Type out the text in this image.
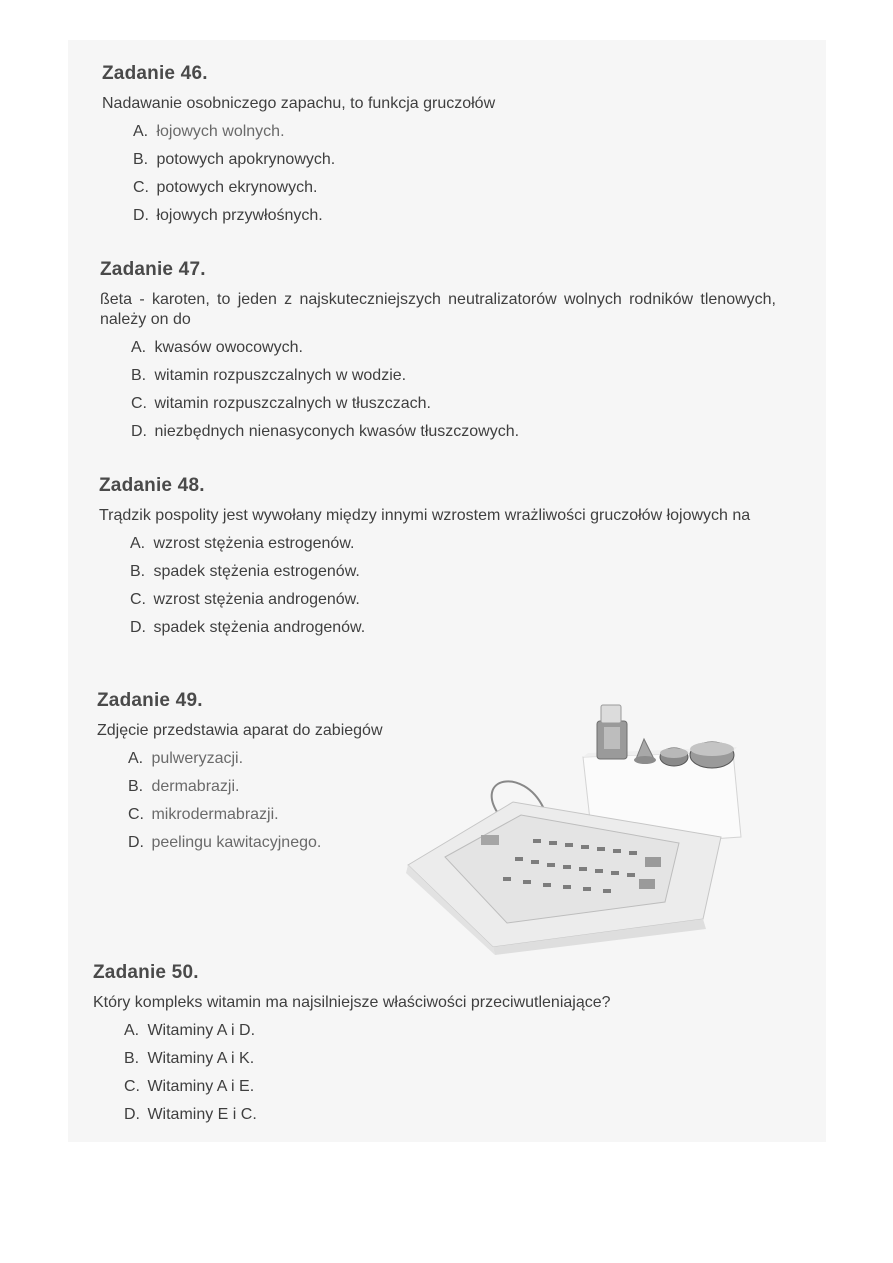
Zadanie 46.

Nadawanie osobniczego zapachu, to funkcja gruczołów

A. łojowych wolnych.
B. potowych apokrynowych.
C. potowych ekrynowych.
D. łojowych przywłośnych.
Zadanie 47.

ßeta - karoten, to jeden z najskuteczniejszych neutralizatorów wolnych rodników tlenowych, należy on do

A. kwasów owocowych.
B. witamin rozpuszczalnych w wodzie.
C. witamin rozpuszczalnych w tłuszczach.
D. niezbędnych nienasyconych kwasów tłuszczowych.
Zadanie 48.

Trądzik pospolity jest wywołany między innymi wzrostem wrażliwości gruczołów łojowych na

A. wzrost stężenia estrogenów.
B. spadek stężenia estrogenów.
C. wzrost stężenia androgenów.
D. spadek stężenia androgenów.
Zadanie 49.

Zdjęcie przedstawia aparat do zabiegów

A. pulweryzacji.
B. dermabrazji.
C. mikrodermabrazji.
D. peelingu kawitacyjnego.
Zadanie 50.

Który kompleks witamin ma najsilniejsze właściwości przeciwutleniające?

A. Witaminy A i D.
B. Witaminy A i K.
C. Witaminy A i E.
D. Witaminy E i C.
